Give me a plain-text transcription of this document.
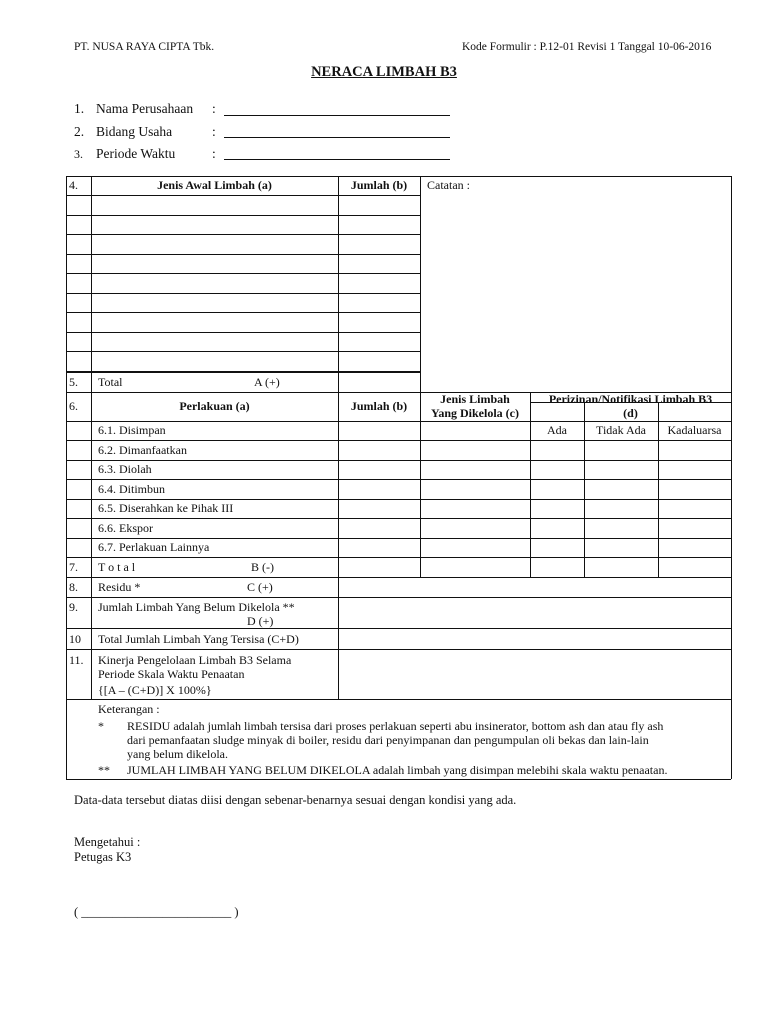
PT. NUSA RAYA CIPTA Tbk.	Kode Formulir : P.12-01 Revisi 1 Tanggal 10-06-2016
NERACA LIMBAH B3
1. Nama Perusahaan :
2. Bidang Usaha	:
3. Periode Waktu	:
4.	Jenis Awal Limbah (a)	Jumlah (b)	Catatan :
5. Total	A (+)
6.	Perlakuan (a)	Jumlah (b)	Jenis Limbah
Yang Dikelola (c)
Perizinan/Notifikasi Limbah B3
(d)
Ada	Tidak Ada	Kadaluarsa
6.1. Disimpan
6.2. Dimanfaatkan
6.3. Diolah
6.4. Ditimbun
6.5. Diserahkan ke Pihak III
6.6. Ekspor
6.7. Perlakuan Lainnya
7. T o t a l	B (-)
8. Residu *	C (+)
9. Jumlah Limbah Yang Belum Dikelola **
D (+)
10 Total Jumlah Limbah Yang Tersisa (C+D)
11. Kinerja Pengelolaan Limbah B3 Selama
Periode Skala Waktu Penaatan
{[A – (C+D)] X 100%}
Keterangan :
* RESIDU adalah jumlah limbah tersisa dari proses perlakuan seperti abu insinerator, bottom ash dan atau fly ash
dari pemanfaatan sludge minyak di boiler, residu dari penyimpanan dan pengumpulan oli bekas dan lain-lain
yang belum dikelola.
** JUMLAH LIMBAH YANG BELUM DIKELOLA adalah limbah yang disimpan melebihi skala waktu penaatan.
Data-data tersebut diatas diisi dengan sebenar-benarnya sesuai dengan kondisi yang ada.
Mengetahui :
Petugas K3
( ________________________ )
